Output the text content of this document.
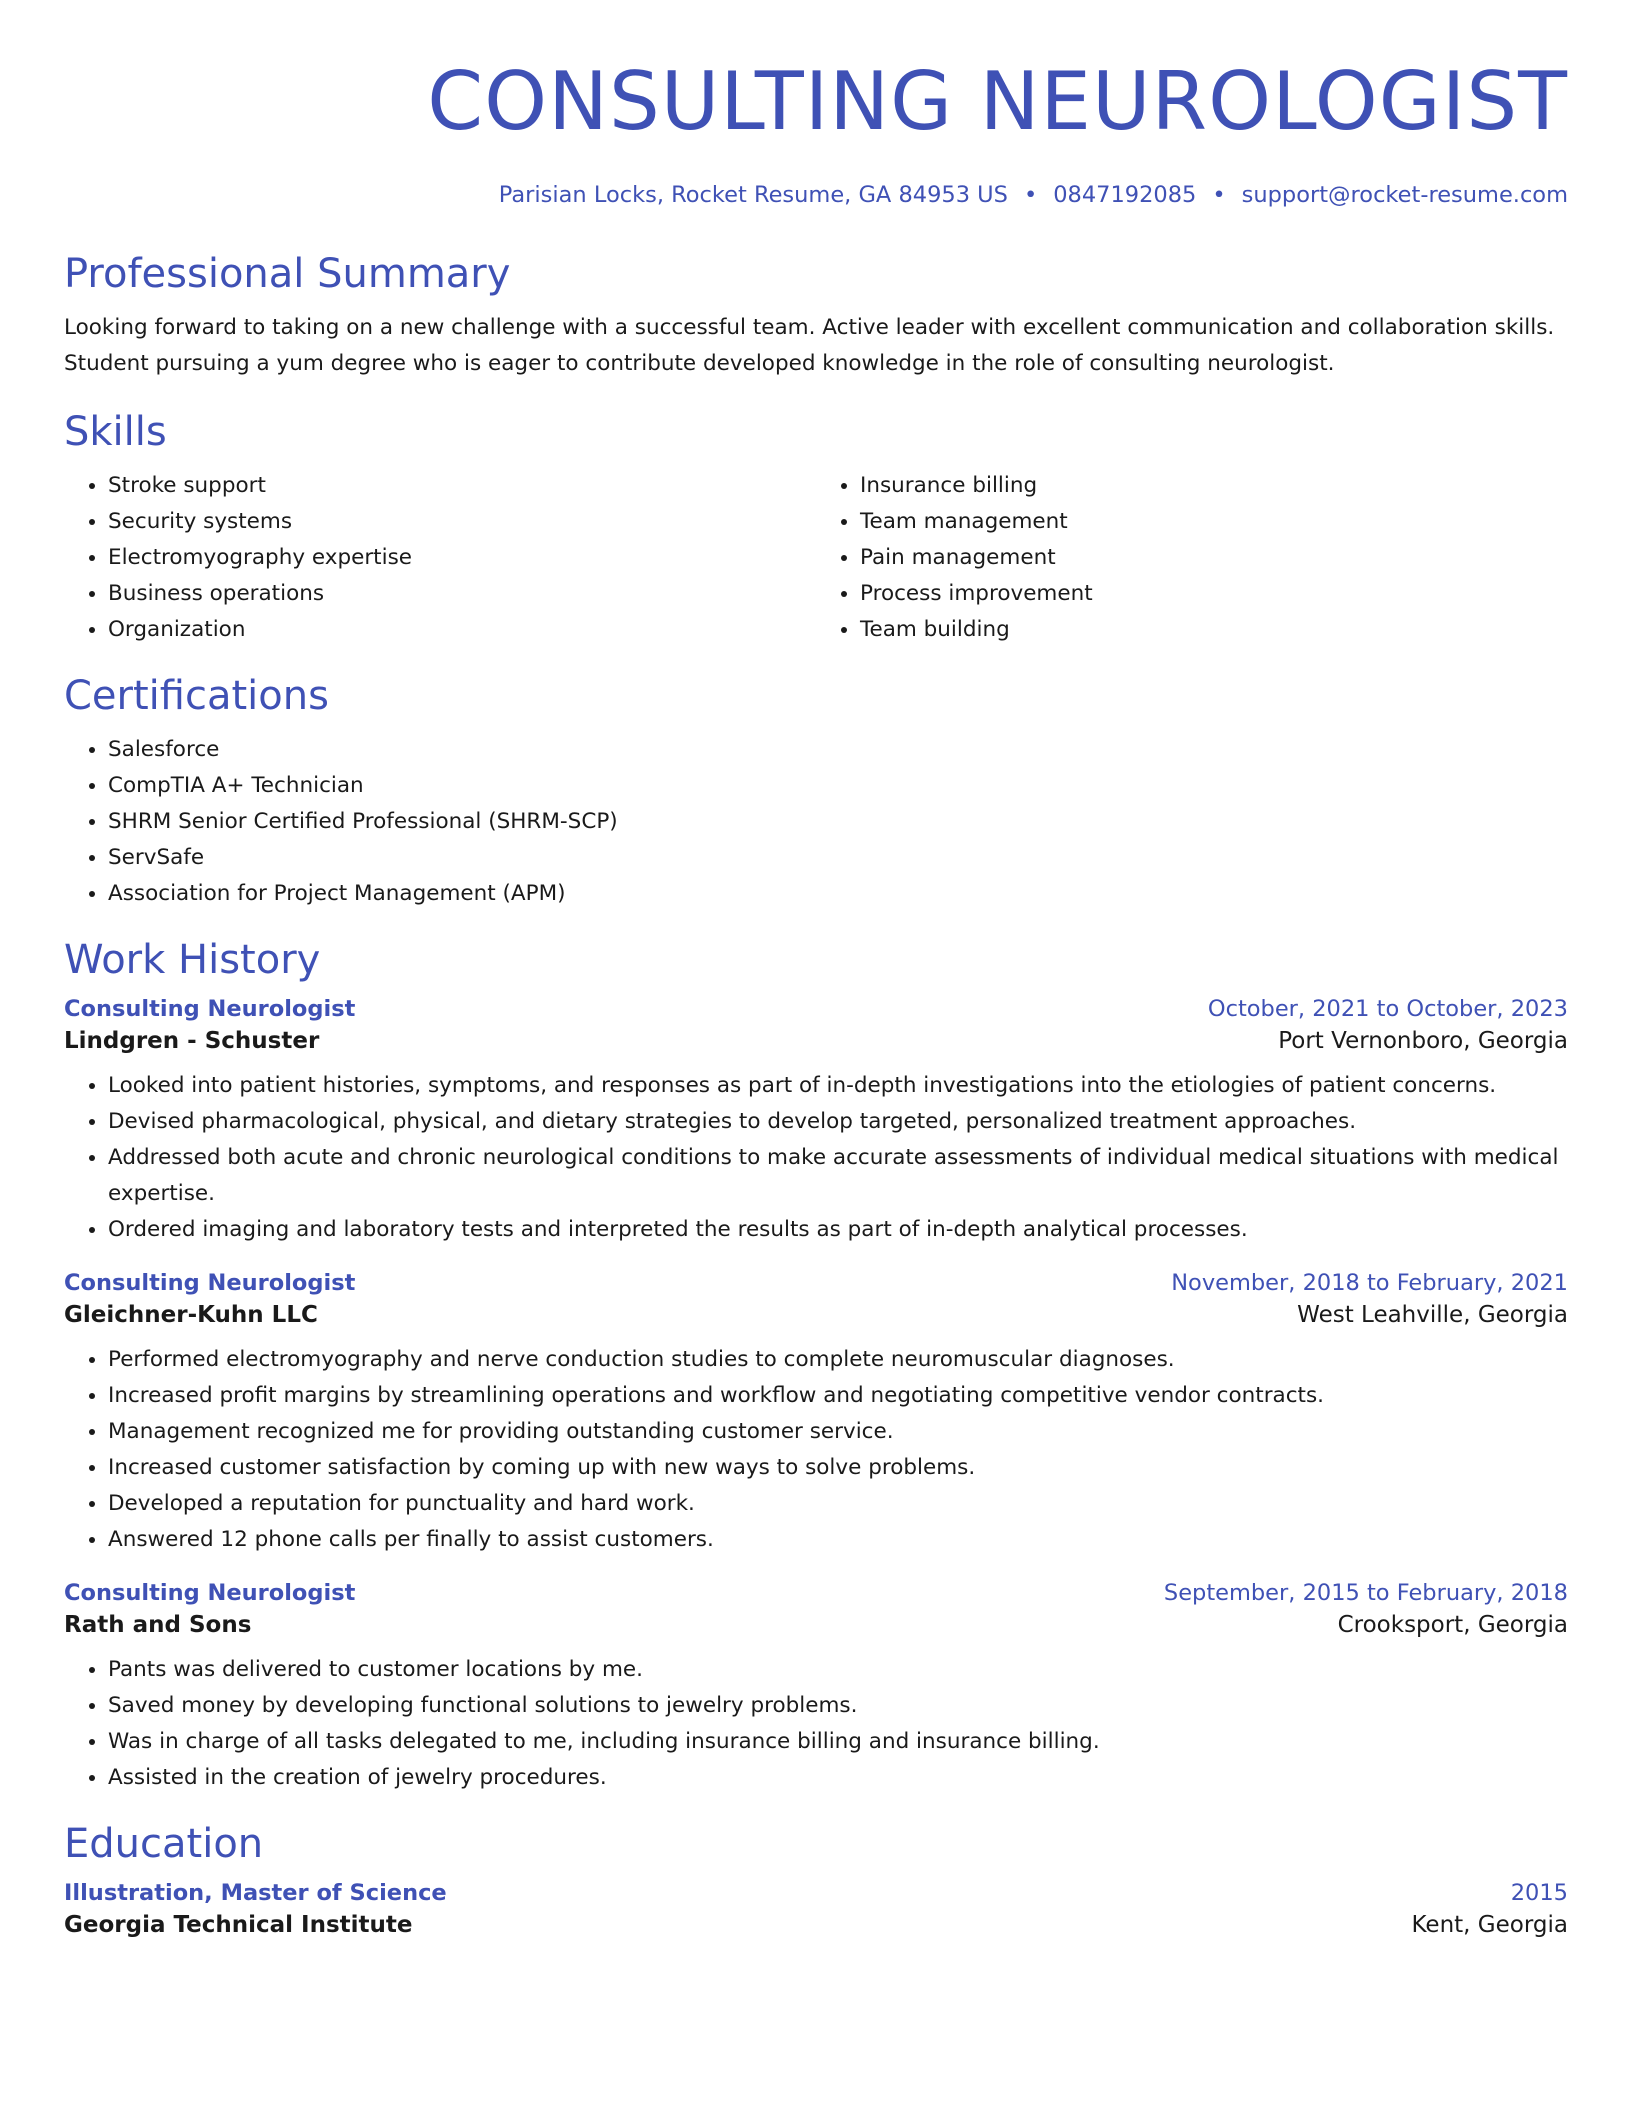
CONSULTING NEUROLOGIST
Parisian Locks, Rocket Resume, GA 84953 US • 0847192085 • support@rocket-resume.com
Professional Summary

Looking forward to taking on a new challenge with a successful team. Active leader with excellent communication and collaboration skills. Student pursuing a yum degree who is eager to contribute developed knowledge in the role of consulting neurologist.

Skills
• Stroke support
• Security systems
• Electromyography expertise
• Business operations
• Organization
• Insurance billing
• Team management
• Pain management
• Process improvement
• Team building
Certifications
• Salesforce
• CompTIA A+ Technician
• SHRM Senior Certified Professional (SHRM-SCP)
• ServSafe
• Association for Project Management (APM)
Work History
Consulting Neurologist	October, 2021 to October, 2023
Lindgren - Schuster	Port Vernonboro, Georgia
• Looked into patient histories, symptoms, and responses as part of in-depth investigations into the etiologies of patient concerns.
• Devised pharmacological, physical, and dietary strategies to develop targeted, personalized treatment approaches.
• Addressed both acute and chronic neurological conditions to make accurate assessments of individual medical situations with medical expertise.
• Ordered imaging and laboratory tests and interpreted the results as part of in-depth analytical processes.
Consulting Neurologist	November, 2018 to February, 2021
Gleichner-Kuhn LLC	West Leahville, Georgia
• Performed electromyography and nerve conduction studies to complete neuromuscular diagnoses.
• Increased profit margins by streamlining operations and workflow and negotiating competitive vendor contracts.
• Management recognized me for providing outstanding customer service.
• Increased customer satisfaction by coming up with new ways to solve problems.
• Developed a reputation for punctuality and hard work.
• Answered 12 phone calls per finally to assist customers.
Consulting Neurologist	September, 2015 to February, 2018
Rath and Sons	Crooksport, Georgia
• Pants was delivered to customer locations by me.
• Saved money by developing functional solutions to jewelry problems.
• Was in charge of all tasks delegated to me, including insurance billing and insurance billing.
• Assisted in the creation of jewelry procedures.
Education
Illustration, Master of Science	2015
Georgia Technical Institute	Kent, Georgia
